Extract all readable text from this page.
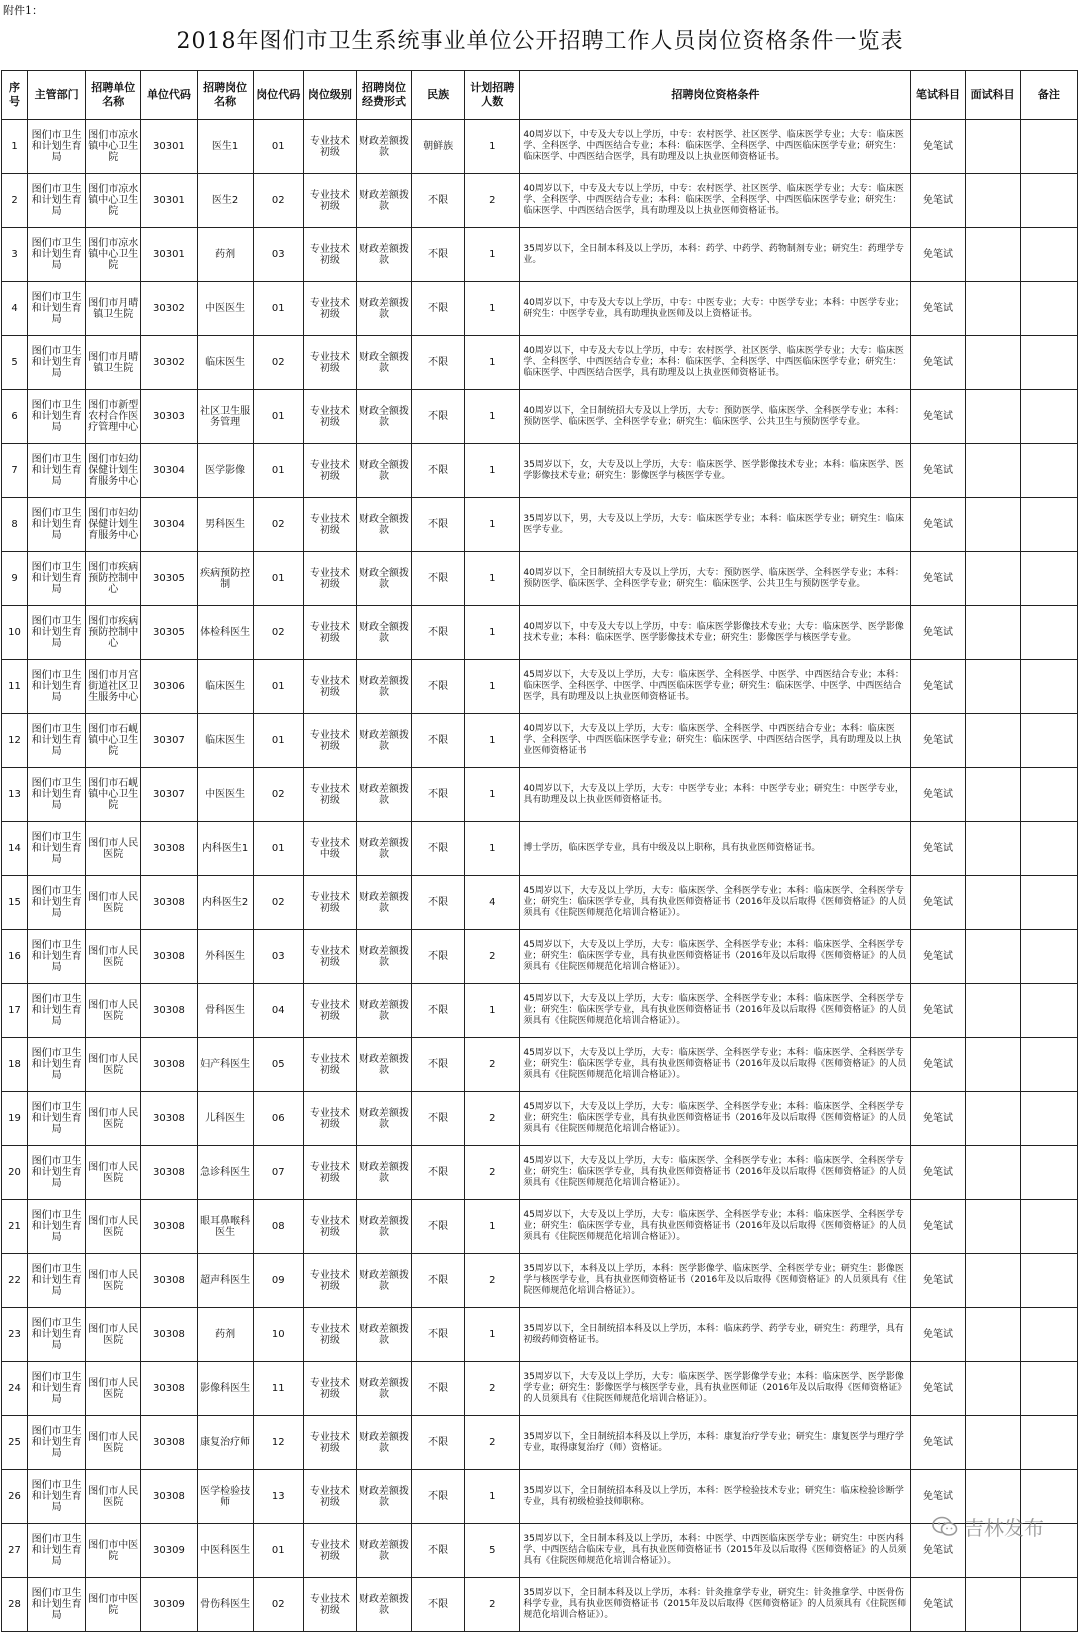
附件1：
2018年图们市卫生系统事业单位公开招聘工作人员岗位资格条件一览表
序号	主管部门	招聘单位名称	单位代码	招聘岗位名称	岗位代码	岗位级别	招聘岗位经费形式	民族	计划招聘人数	招聘岗位资格条件	笔试科目	面试科目	备注
1	图们市卫生和计划生育局	图们市凉水镇中心卫生院	30301	医生1	01	专业技术初级	财政差额拨款	朝鲜族	1	40周岁以下，中专及大专以上学历，中专：农村医学、社区医学、临床医学专业；大专：临床医学、全科医学、中西医结合专业；本科：临床医学、全科医学、中西医临床医学专业；研究生：临床医学、中西医结合医学，具有助理及以上执业医师资格证书。	免笔试		
2	图们市卫生和计划生育局	图们市凉水镇中心卫生院	30301	医生2	02	专业技术初级	财政差额拨款	不限	2	40周岁以下，中专及大专以上学历，中专：农村医学、社区医学、临床医学专业；大专：临床医学、全科医学、中西医结合专业；本科：临床医学、全科医学、中西医临床医学专业；研究生：临床医学、中西医结合医学，具有助理及以上执业医师资格证书。	免笔试		
3	图们市卫生和计划生育局	图们市凉水镇中心卫生院	30301	药剂	03	专业技术初级	财政差额拨款	不限	1	35周岁以下，全日制本科及以上学历，本科：药学、中药学、药物制剂专业；研究生：药理学专业。	免笔试		
4	图们市卫生和计划生育局	图们市月晴镇卫生院	30302	中医医生	01	专业技术初级	财政差额拨款	不限	1	40周岁以下，中专及大专以上学历，中专：中医专业；大专：中医学专业；本科：中医学专业；研究生：中医学专业，具有助理执业医师及以上资格证书。	免笔试		
5	图们市卫生和计划生育局	图们市月晴镇卫生院	30302	临床医生	02	专业技术初级	财政全额拨款	不限	1	40周岁以下，中专及大专以上学历，中专：农村医学、社区医学、临床医学专业；大专：临床医学、全科医学、中西医结合专业；本科：临床医学、全科医学、中西医临床医学专业；研究生：临床医学、中西医结合医学，具有助理及以上执业医师资格证书。	免笔试		
6	图们市卫生和计划生育局	图们市新型农村合作医疗管理中心	30303	社区卫生服务管理	01	专业技术初级	财政全额拨款	不限	1	40周岁以下，全日制统招大专及以上学历，大专：预防医学、临床医学、全科医学专业；本科：预防医学、临床医学、全科医学专业；研究生：临床医学、公共卫生与预防医学专业。	免笔试		
7	图们市卫生和计划生育局	图们市妇幼保健计划生育服务中心	30304	医学影像	01	专业技术初级	财政全额拨款	不限	1	35周岁以下，女，大专及以上学历，大专：临床医学、医学影像技术专业；本科：临床医学、医学影像技术专业；研究生：影像医学与核医学专业。	免笔试		
8	图们市卫生和计划生育局	图们市妇幼保健计划生育服务中心	30304	男科医生	02	专业技术初级	财政全额拨款	不限	1	35周岁以下，男，大专及以上学历，大专：临床医学专业；本科：临床医学专业；研究生：临床医学专业。	免笔试		
9	图们市卫生和计划生育局	图们市疾病预防控制中心	30305	疾病预防控制	01	专业技术初级	财政全额拨款	不限	1	40周岁以下，全日制统招大专及以上学历，大专：预防医学、临床医学、全科医学专业；本科：预防医学、临床医学、全科医学专业；研究生：临床医学、公共卫生与预防医学专业。	免笔试		
10	图们市卫生和计划生育局	图们市疾病预防控制中心	30305	体检科医生	02	专业技术初级	财政全额拨款	不限	1	40周岁以下，中专及大专以上学历，中专：临床医学影像技术专业；大专：临床医学、医学影像技术专业；本科：临床医学、医学影像技术专业；研究生：影像医学与核医学专业。	免笔试		
11	图们市卫生和计划生育局	图们市月宫街道社区卫生服务中心	30306	临床医生	01	专业技术初级	财政差额拨款	不限	1	45周岁以下，大专及以上学历，大专：临床医学、全科医学、中医学、中西医结合专业；本科：临床医学、全科医学、中医学、中西医临床医学专业；研究生：临床医学、中医学、中西医结合医学，具有助理及以上执业医师资格证书。	免笔试		
12	图们市卫生和计划生育局	图们市石岘镇中心卫生院	30307	临床医生	01	专业技术初级	财政差额拨款	不限	1	40周岁以下，大专及以上学历，大专：临床医学、全科医学、中西医结合专业；本科：临床医学、全科医学、中西医临床医学专业；研究生：临床医学、中西医结合医学，具有助理及以上执业医师资格证书	免笔试		
13	图们市卫生和计划生育局	图们市石岘镇中心卫生院	30307	中医医生	02	专业技术初级	财政差额拨款	不限	1	40周岁以下，大专及以上学历，大专：中医学专业；本科：中医学专业；研究生：中医学专业，具有助理及以上执业医师资格证书。	免笔试		
14	图们市卫生和计划生育局	图们市人民医院	30308	内科医生1	01	专业技术中级	财政差额拨款	不限	1	博士学历，临床医学专业，具有中级及以上职称，具有执业医师资格证书。	免笔试		
15	图们市卫生和计划生育局	图们市人民医院	30308	内科医生2	02	专业技术初级	财政差额拨款	不限	4	45周岁以下，大专及以上学历，大专：临床医学、全科医学专业；本科：临床医学、全科医学专业；研究生：临床医学专业，具有执业医师资格证书（2016年及以后取得《医师资格证》的人员须具有《住院医师规范化培训合格证》）。	免笔试		
16	图们市卫生和计划生育局	图们市人民医院	30308	外科医生	03	专业技术初级	财政差额拨款	不限	2	45周岁以下，大专及以上学历，大专：临床医学、全科医学专业；本科：临床医学、全科医学专业；研究生：临床医学专业，具有执业医师资格证书（2016年及以后取得《医师资格证》的人员须具有《住院医师规范化培训合格证》）。	免笔试		
17	图们市卫生和计划生育局	图们市人民医院	30308	骨科医生	04	专业技术初级	财政差额拨款	不限	1	45周岁以下，大专及以上学历，大专：临床医学、全科医学专业；本科：临床医学、全科医学专业；研究生：临床医学专业，具有执业医师资格证书（2016年及以后取得《医师资格证》的人员须具有《住院医师规范化培训合格证》）。	免笔试		
18	图们市卫生和计划生育局	图们市人民医院	30308	妇产科医生	05	专业技术初级	财政差额拨款	不限	2	45周岁以下，大专及以上学历，大专：临床医学、全科医学专业；本科：临床医学、全科医学专业；研究生：临床医学专业，具有执业医师资格证书（2016年及以后取得《医师资格证》的人员须具有《住院医师规范化培训合格证》）。	免笔试		
19	图们市卫生和计划生育局	图们市人民医院	30308	儿科医生	06	专业技术初级	财政差额拨款	不限	2	45周岁以下，大专及以上学历，大专：临床医学、全科医学专业；本科：临床医学、全科医学专业；研究生：临床医学专业，具有执业医师资格证书（2016年及以后取得《医师资格证》的人员须具有《住院医师规范化培训合格证》）。	免笔试		
20	图们市卫生和计划生育局	图们市人民医院	30308	急诊科医生	07	专业技术初级	财政差额拨款	不限	2	45周岁以下，大专及以上学历，大专：临床医学、全科医学专业；本科：临床医学、全科医学专业；研究生：临床医学专业，具有执业医师资格证书（2016年及以后取得《医师资格证》的人员须具有《住院医师规范化培训合格证》）。	免笔试		
21	图们市卫生和计划生育局	图们市人民医院	30308	眼耳鼻喉科医生	08	专业技术初级	财政差额拨款	不限	1	45周岁以下，大专及以上学历，大专：临床医学、全科医学专业；本科：临床医学、全科医学专业；研究生：临床医学专业，具有执业医师资格证书（2016年及以后取得《医师资格证》的人员须具有《住院医师规范化培训合格证》）。	免笔试		
22	图们市卫生和计划生育局	图们市人民医院	30308	超声科医生	09	专业技术初级	财政差额拨款	不限	2	35周岁以下，本科及以上学历，本科：医学影像学、临床医学、全科医学专业；研究生：影像医学与核医学专业，具有执业医师资格证书（2016年及以后取得《医师资格证》的人员须具有《住院医师规范化培训合格证》）。	免笔试		
23	图们市卫生和计划生育局	图们市人民医院	30308	药剂	10	专业技术初级	财政差额拨款	不限	1	35周岁以下，全日制统招本科及以上学历，本科：临床药学、药学专业，研究生：药理学，具有初级药师资格证书。	免笔试		
24	图们市卫生和计划生育局	图们市人民医院	30308	影像科医生	11	专业技术初级	财政差额拨款	不限	2	35周岁以下，大专及以上学历，大专：临床医学、医学影像学专业；本科：临床医学、医学影像学专业；研究生：影像医学与核医学专业，具有执业医师证（2016年及以后取得《医师资格证》的人员须具有《住院医师规范化培训合格证》）。	免笔试		
25	图们市卫生和计划生育局	图们市人民医院	30308	康复治疗师	12	专业技术初级	财政差额拨款	不限	2	35周岁以下，全日制统招本科及以上学历，本科：康复治疗学专业；研究生：康复医学与理疗学专业，取得康复治疗（师）资格证。	免笔试		
26	图们市卫生和计划生育局	图们市人民医院	30308	医学检验技师	13	专业技术初级	财政差额拨款	不限	1	35周岁以下，全日制统招本科及以上学历，本科：医学检验技术专业；研究生：临床检验诊断学专业，具有初级检验技师职称。	免笔试		
27	图们市卫生和计划生育局	图们市中医院	30309	中医科医生	01	专业技术初级	财政差额拨款	不限	5	35周岁以下，全日制本科及以上学历，本科：中医学、中西医临床医学专业；研究生：中医内科学、中西医结合临床专业，具有执业医师资格证书（2015年及以后取得《医师资格证》的人员须具有《住院医师规范化培训合格证》）。	免笔试		
28	图们市卫生和计划生育局	图们市中医院	30309	骨伤科医生	02	专业技术初级	财政差额拨款	不限	2	35周岁以下，全日制本科及以上学历，本科：针灸推拿学专业，研究生：针灸推拿学、中医骨伤科学专业，具有执业医师资格证书（2015年及以后取得《医师资格证》的人员须具有《住院医师规范化培训合格证》）。	免笔试		
吉林发布
